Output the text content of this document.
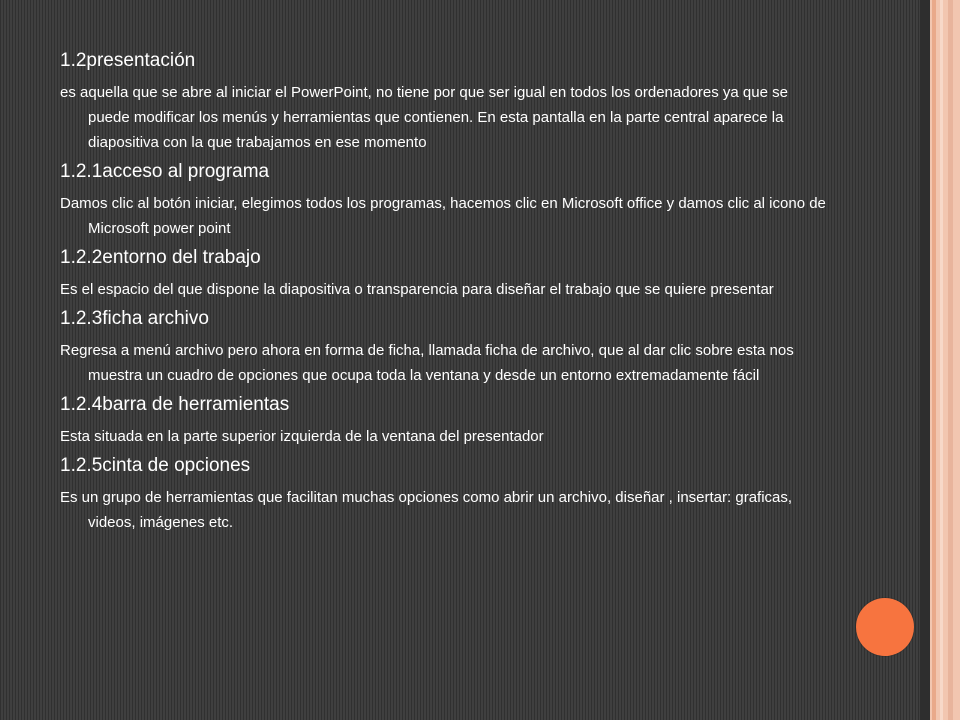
1.2presentación
es aquella que se abre al iniciar el PowerPoint, no tiene por que ser igual en todos los ordenadores ya que se puede modificar los menús y herramientas que contienen. En esta pantalla en la parte central aparece la diapositiva con la que trabajamos en ese momento
1.2.1acceso al programa
Damos clic al botón iniciar, elegimos todos los programas, hacemos clic en Microsoft office y damos clic al icono de Microsoft power point
1.2.2entorno del trabajo
Es el espacio del que dispone la diapositiva o transparencia para diseñar el trabajo que se quiere presentar
1.2.3ficha archivo
Regresa a menú archivo pero ahora en forma de ficha, llamada ficha de archivo, que al dar clic sobre esta nos muestra un cuadro de opciones que ocupa toda la ventana y desde un entorno extremadamente fácil
1.2.4barra de herramientas
Esta situada en la parte superior izquierda de la ventana del presentador
1.2.5cinta de opciones
Es un grupo de herramientas que facilitan muchas opciones como abrir un archivo, diseñar , insertar: graficas, videos, imágenes etc.
